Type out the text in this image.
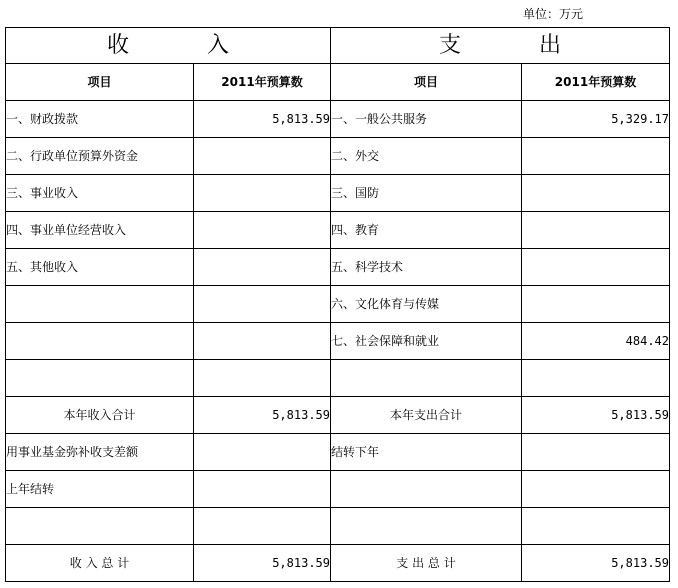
单位：万元
收 入		支 出	
项目	2011年预算数	项目	2011年预算数
一、财政拨款	5,813.59	一、一般公共服务	5,329.17
二、行政单位预算外资金		二、外交	
三、事业收入		三、国防	
四、事业单位经营收入		四、教育	
五、其他收入		五、科学技术	
		六、文化体育与传媒	
		七、社会保障和就业	484.42

本年收入合计	5,813.59	本年支出合计	5,813.59
用事业基金弥补收支差额		结转下年	
上年结转			

收 入 总 计	5,813.59	支 出 总 计	5,813.59
